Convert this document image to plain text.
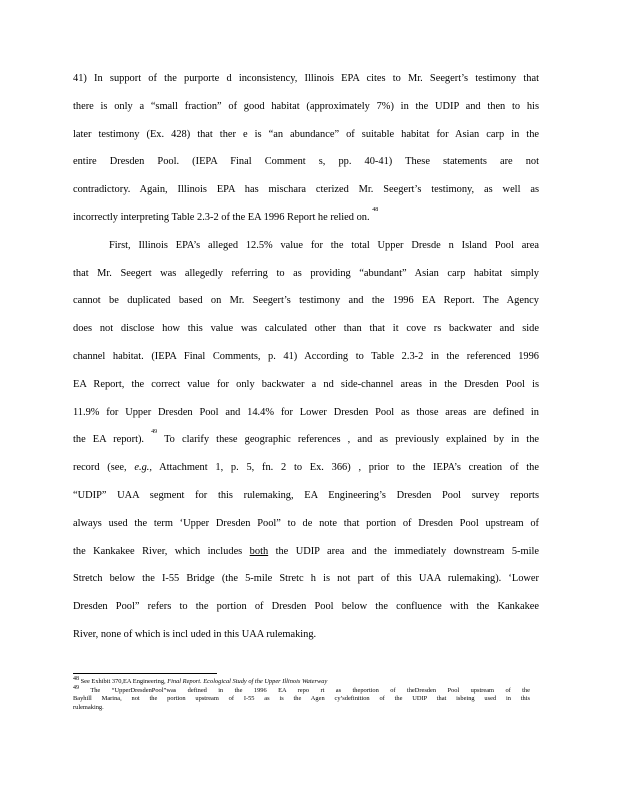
41) In support of the purporte d inconsistency, Illinois EPA cites to Mr. Seegert’s testimony that
there is only a “small fraction” of good habitat (approximately 7%) in the UDIP and then to his
later testimony (Ex. 428) that ther e is “an abundance” of suitable habitat for Asian carp in the
entire Dresden Pool. (IEPA Final Comment s, pp. 40-41) These statements are not
contradictory. Again, Illinois EPA has mischara cterized Mr. Seegert’s testimony, as well as
incorrectly interpreting Table 2.3-2 of the EA 1996 Report he relied on. $^{48}$
First, Illinois EPA’s alleged 12.5% value for the total Upper Dresde n Island Pool area
that Mr. Seegert was allegedly referring to as providing “abundant” Asian carp habitat simply
cannot be duplicated based on Mr. Seegert’s testimony and the 1996 EA Report. The Agency
does not disclose how this value was calculated other than that it cove rs backwater and side
channel habitat. (IEPA Final Comments, p. 41) According to Table 2.3-2 in the referenced 1996
EA Report, the correct value for only backwater a nd side-channel areas in the Dresden Pool is
11.9% for Upper Dresden Pool and 14.4% for Lower Dresden Pool as those areas are defined in
the EA report). $^{49}$ To clarify these geographic references , and as previously explained by in the
record (see, e.g., Attachment 1, p. 5, fn. 2 to Ex. 366) , prior to the IEPA’s creation of the
“UDIP” UAA segment for this rulemaking, EA Engineering’s Dresden Pool survey reports
always used the term ‘Upper Dresden Pool” to de note that portion of Dresden Pool upstream of
the Kankakee River, which includes both the UDIP area and the immediately downstream 5-mile
Stretch below the I-55 Bridge (the 5-mile Stretc h is not part of this UAA rulemaking). ‘Lower
Dresden Pool” refers to the portion of Dresden Pool below the confluence with the Kankakee
River, none of which is incl uded in this UAA rulemaking.
$^{48}$ See Exhibit 370,EA Engineering, Final Report. Ecological Study of the Upper Illinois Waterway
$^{49}$ The “UpperDresdenPool”was defined in the 1996 EA repo rt as theportion of theDresden Pool upstream of the
Bayhill Marina, not the portion upstream of I-55 as is the Agen cy’sdefinition of the UDIP that isbeing used in this
rulemaking.
